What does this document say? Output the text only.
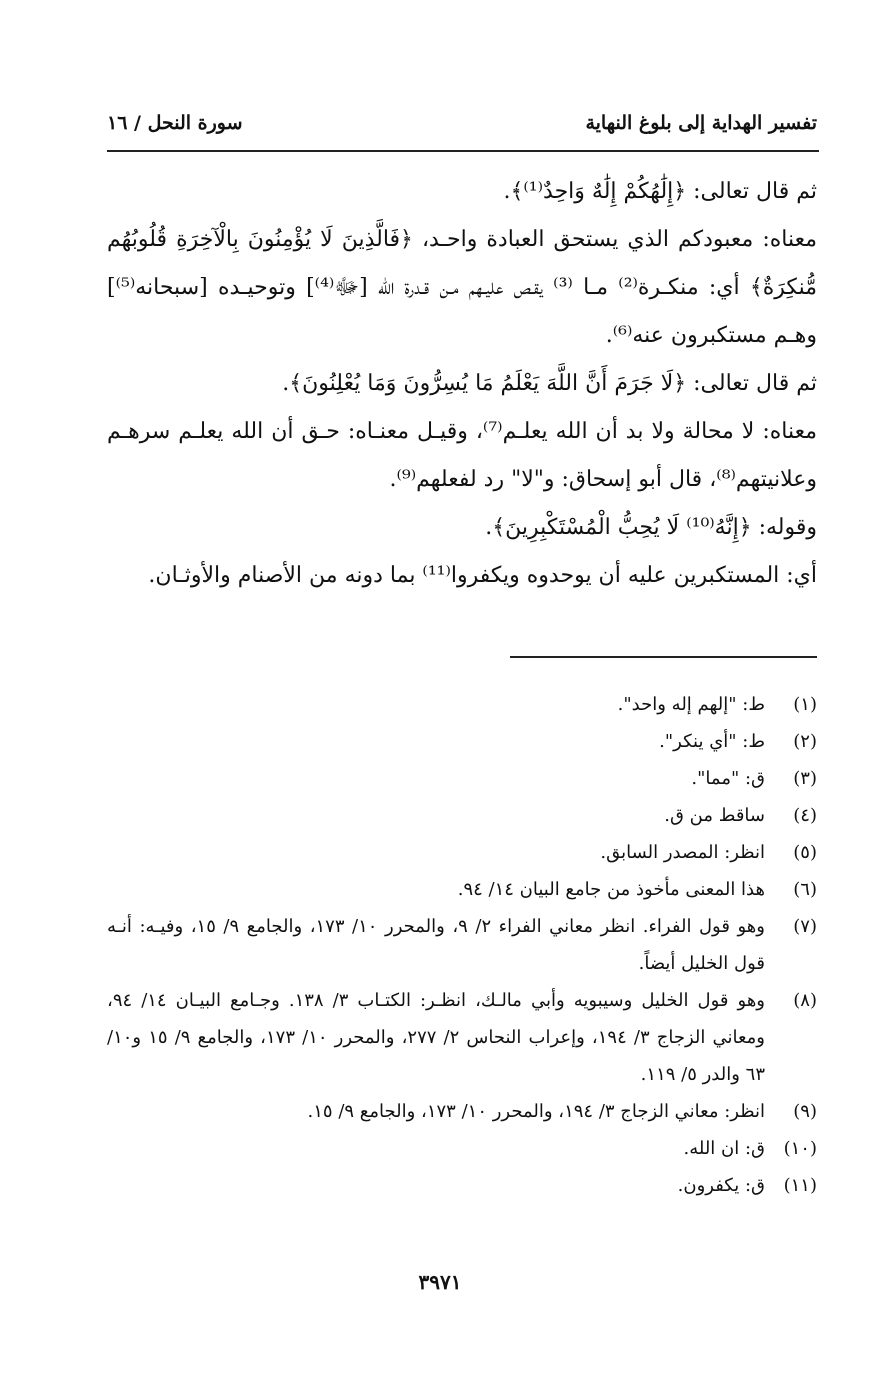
تفسير الهداية إلى بلوغ النهاية
سورة النحل / ١٦

ثم قال تعالى: ﴿إِلَٰهُكُمْ إِلَٰهٌ وَاحِدٌ⁽¹⁾﴾.

معناه: معبودكم الذي يستحق العبادة واحـد، ﴿فَالَّذِينَ لَا يُؤْمِنُونَ بِالْآخِرَةِ قُلُوبُهُم مُّنكِرَةٌ﴾ أي: منكـرة⁽²⁾ مـا ⁽³⁾ يقـص عليـهم مـن قـدرة الله [ﷻ⁽⁴⁾] وتوحيـده [سبحانه⁽⁵⁾] وهـم مستكبرون عنه⁽⁶⁾.

ثم قال تعالى: ﴿لَا جَرَمَ أَنَّ اللَّهَ يَعْلَمُ مَا يُسِرُّونَ وَمَا يُعْلِنُونَ﴾.

معناه: لا محالة ولا بد أن الله يعلـم⁽⁷⁾، وقيـل معنـاه: حـق أن الله يعلـم سرهـم وعلانيتهم⁽⁸⁾، قال أبو إسحاق: و"لا" رد لفعلهم⁽⁹⁾.

وقوله: ﴿إِنَّهُ⁽¹⁰⁾ لَا يُحِبُّ الْمُسْتَكْبِرِينَ﴾.

أي: المستكبرين عليه أن يوحدوه ويكفروا⁽¹¹⁾ بما دونه من الأصنام والأوثـان.

(١)
ط: "إلهم إله واحد".
(٢)
ط: "أي ينكر".
(٣)
ق: "مما".
(٤)
ساقط من ق.
(٥)
انظر: المصدر السابق.
(٦)
هذا المعنى مأخوذ من جامع البيان ١٤/ ٩٤.
(٧)
وهو قول الفراء. انظر معاني الفراء ٢/ ٩، والمحرر ١٠/ ١٧٣، والجامع ٩/ ١٥، وفيـه: أنـه قول الخليل أيضاً.
(٨)
وهو قول الخليل وسيبويه وأبي مالـك، انظـر: الكتـاب ٣/ ١٣٨. وجـامع البيـان ١٤/ ٩٤، ومعاني الزجاج ٣/ ١٩٤، وإعراب النحاس ٢/ ٢٧٧، والمحرر ١٠/ ١٧٣، والجامع ٩/ ١٥ و١٠/ ٦٣ والدر ٥/ ١١٩.
(٩)
انظر: معاني الزجاج ٣/ ١٩٤، والمحرر ١٠/ ١٧٣، والجامع ٩/ ١٥.
(١٠)
ق: ان الله.
(١١)
ق: يكفرون.
٣٩٧١
